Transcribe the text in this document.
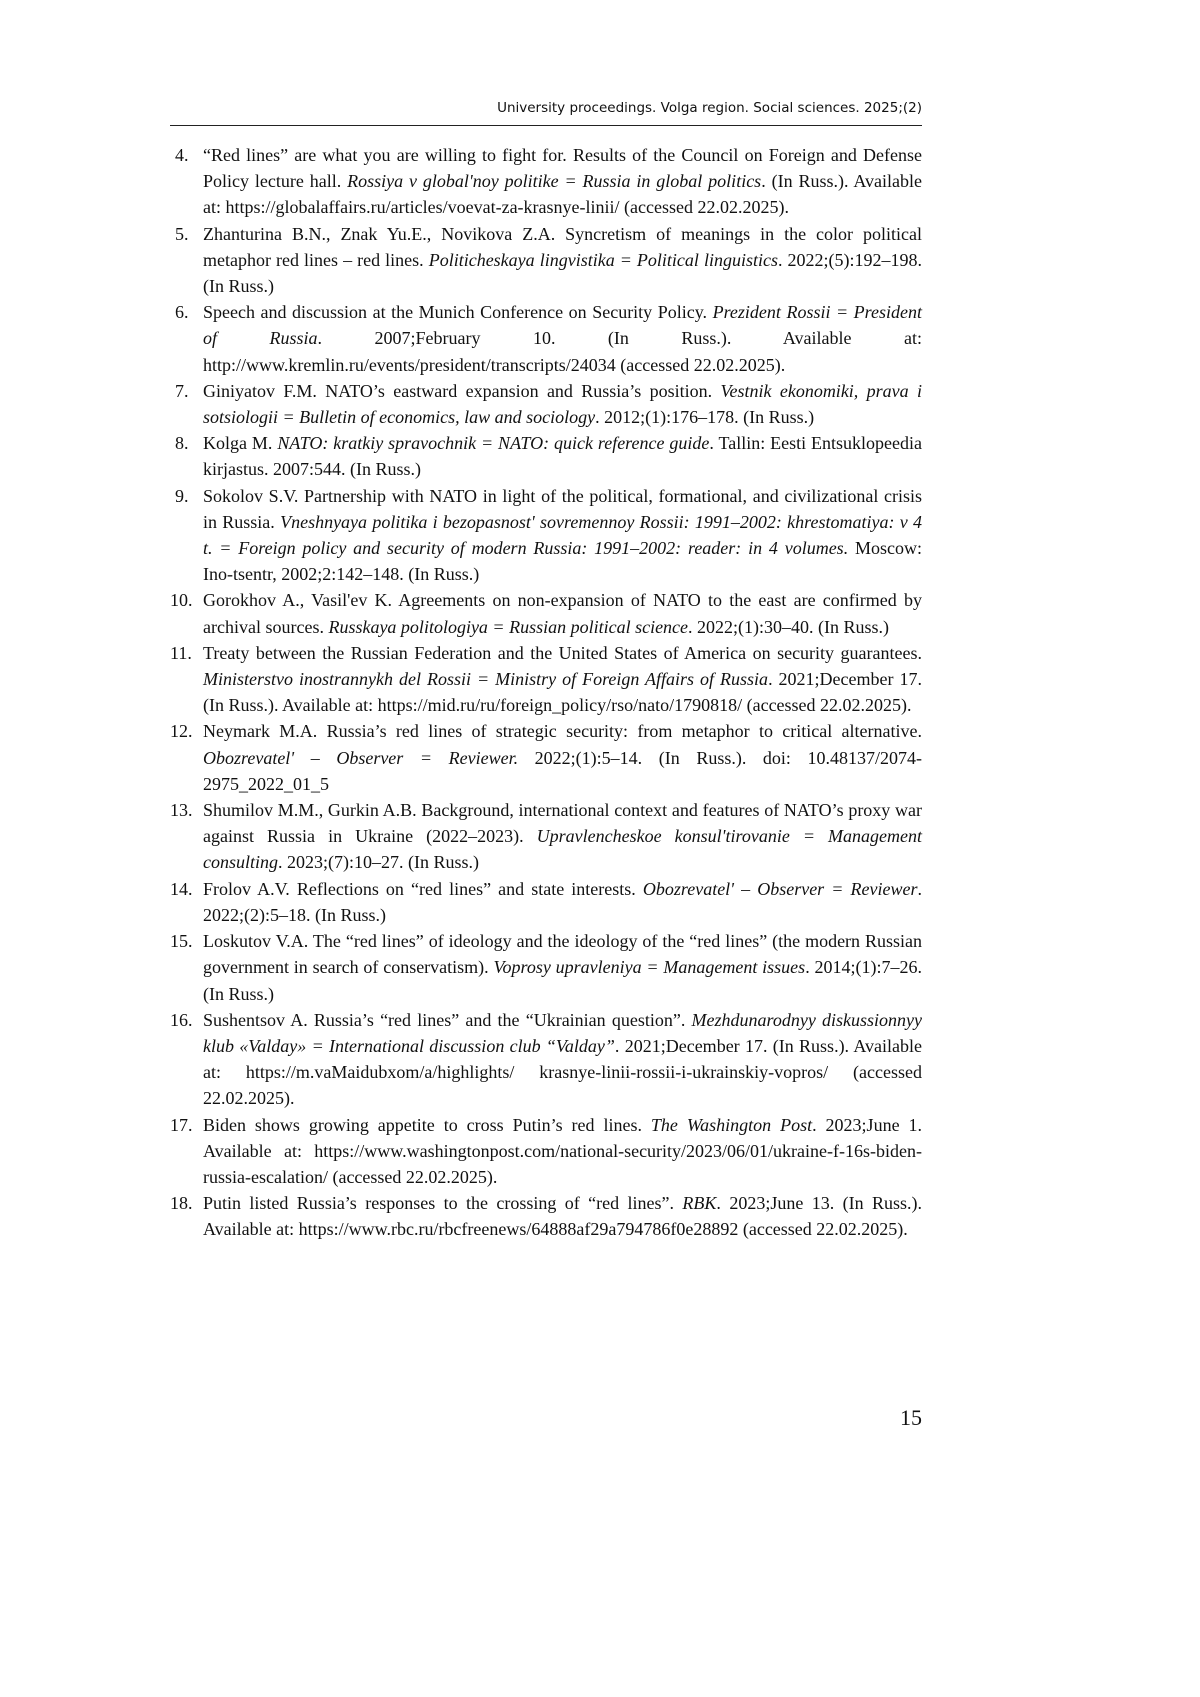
University proceedings. Volga region. Social sciences. 2025;(2)
4. “Red lines” are what you are willing to fight for. Results of the Council on Foreign and Defense Policy lecture hall. Rossiya v global'noy politike = Russia in global politics. (In Russ.). Available at: https://globalaffairs.ru/articles/voevat-za-krasnye-linii/ (accessed 22.02.2025).
5. Zhanturina B.N., Znak Yu.E., Novikova Z.A. Syncretism of meanings in the color political metaphor red lines – red lines. Politicheskaya lingvistika = Political linguistics. 2022;(5):192–198. (In Russ.)
6. Speech and discussion at the Munich Conference on Security Policy. Prezident Rossii = President of Russia. 2007;February 10. (In Russ.). Available at: http://www.kremlin.ru/events/president/transcripts/24034 (accessed 22.02.2025).
7. Giniyatov F.M. NATO’s eastward expansion and Russia’s position. Vestnik ekonomiki, prava i sotsiologii = Bulletin of economics, law and sociology. 2012;(1):176–178. (In Russ.)
8. Kolga M. NATO: kratkiy spravochnik = NATO: quick reference guide. Tallin: Eesti Entsuklopeedia kirjastus. 2007:544. (In Russ.)
9. Sokolov S.V. Partnership with NATO in light of the political, formational, and civilizational crisis in Russia. Vneshnyaya politika i bezopasnost' sovremennoy Rossii: 1991–2002: khrestomatiya: v 4 t. = Foreign policy and security of modern Russia: 1991–2002: reader: in 4 volumes. Moscow: Ino-tsentr, 2002;2:142–148. (In Russ.)
10. Gorokhov A., Vasil'ev K. Agreements on non-expansion of NATO to the east are confirmed by archival sources. Russkaya politologiya = Russian political science. 2022;(1):30–40. (In Russ.)
11. Treaty between the Russian Federation and the United States of America on security guarantees. Ministerstvo inostrannykh del Rossii = Ministry of Foreign Affairs of Russia. 2021;December 17. (In Russ.). Available at: https://mid.ru/ru/foreign_policy/rso/nato/1790818/ (accessed 22.02.2025).
12. Neymark M.A. Russia’s red lines of strategic security: from metaphor to critical alternative. Obozrevatel' – Observer = Reviewer. 2022;(1):5–14. (In Russ.). doi: 10.48137/2074-2975_2022_01_5
13. Shumilov M.M., Gurkin A.B. Background, international context and features of NATO’s proxy war against Russia in Ukraine (2022–2023). Upravlencheskoe konsul'tirovanie = Management consulting. 2023;(7):10–27. (In Russ.)
14. Frolov A.V. Reflections on “red lines” and state interests. Obozrevatel' – Observer = Reviewer. 2022;(2):5–18. (In Russ.)
15. Loskutov V.A. The “red lines” of ideology and the ideology of the “red lines” (the modern Russian government in search of conservatism). Voprosy upravleniya = Management issues. 2014;(1):7–26. (In Russ.)
16. Sushentsov A. Russia’s “red lines” and the “Ukrainian question”. Mezhdunarodnyy diskussionnyy klub «Valday» = International discussion club “Valday”. 2021;December 17. (In Russ.). Available at: https://m.vaMaidubxom/a/highlights/ krasnye-linii-rossii-i-ukrainskiy-vopros/ (accessed 22.02.2025).
17. Biden shows growing appetite to cross Putin’s red lines. The Washington Post. 2023;June 1. Available at: https://www.washingtonpost.com/national-security/2023/06/01/ukraine-f-16s-biden-russia-escalation/ (accessed 22.02.2025).
18. Putin listed Russia’s responses to the crossing of “red lines”. RBK. 2023;June 13. (In Russ.). Available at: https://www.rbc.ru/rbcfreenews/64888af29a794786f0e28892 (accessed 22.02.2025).
15
